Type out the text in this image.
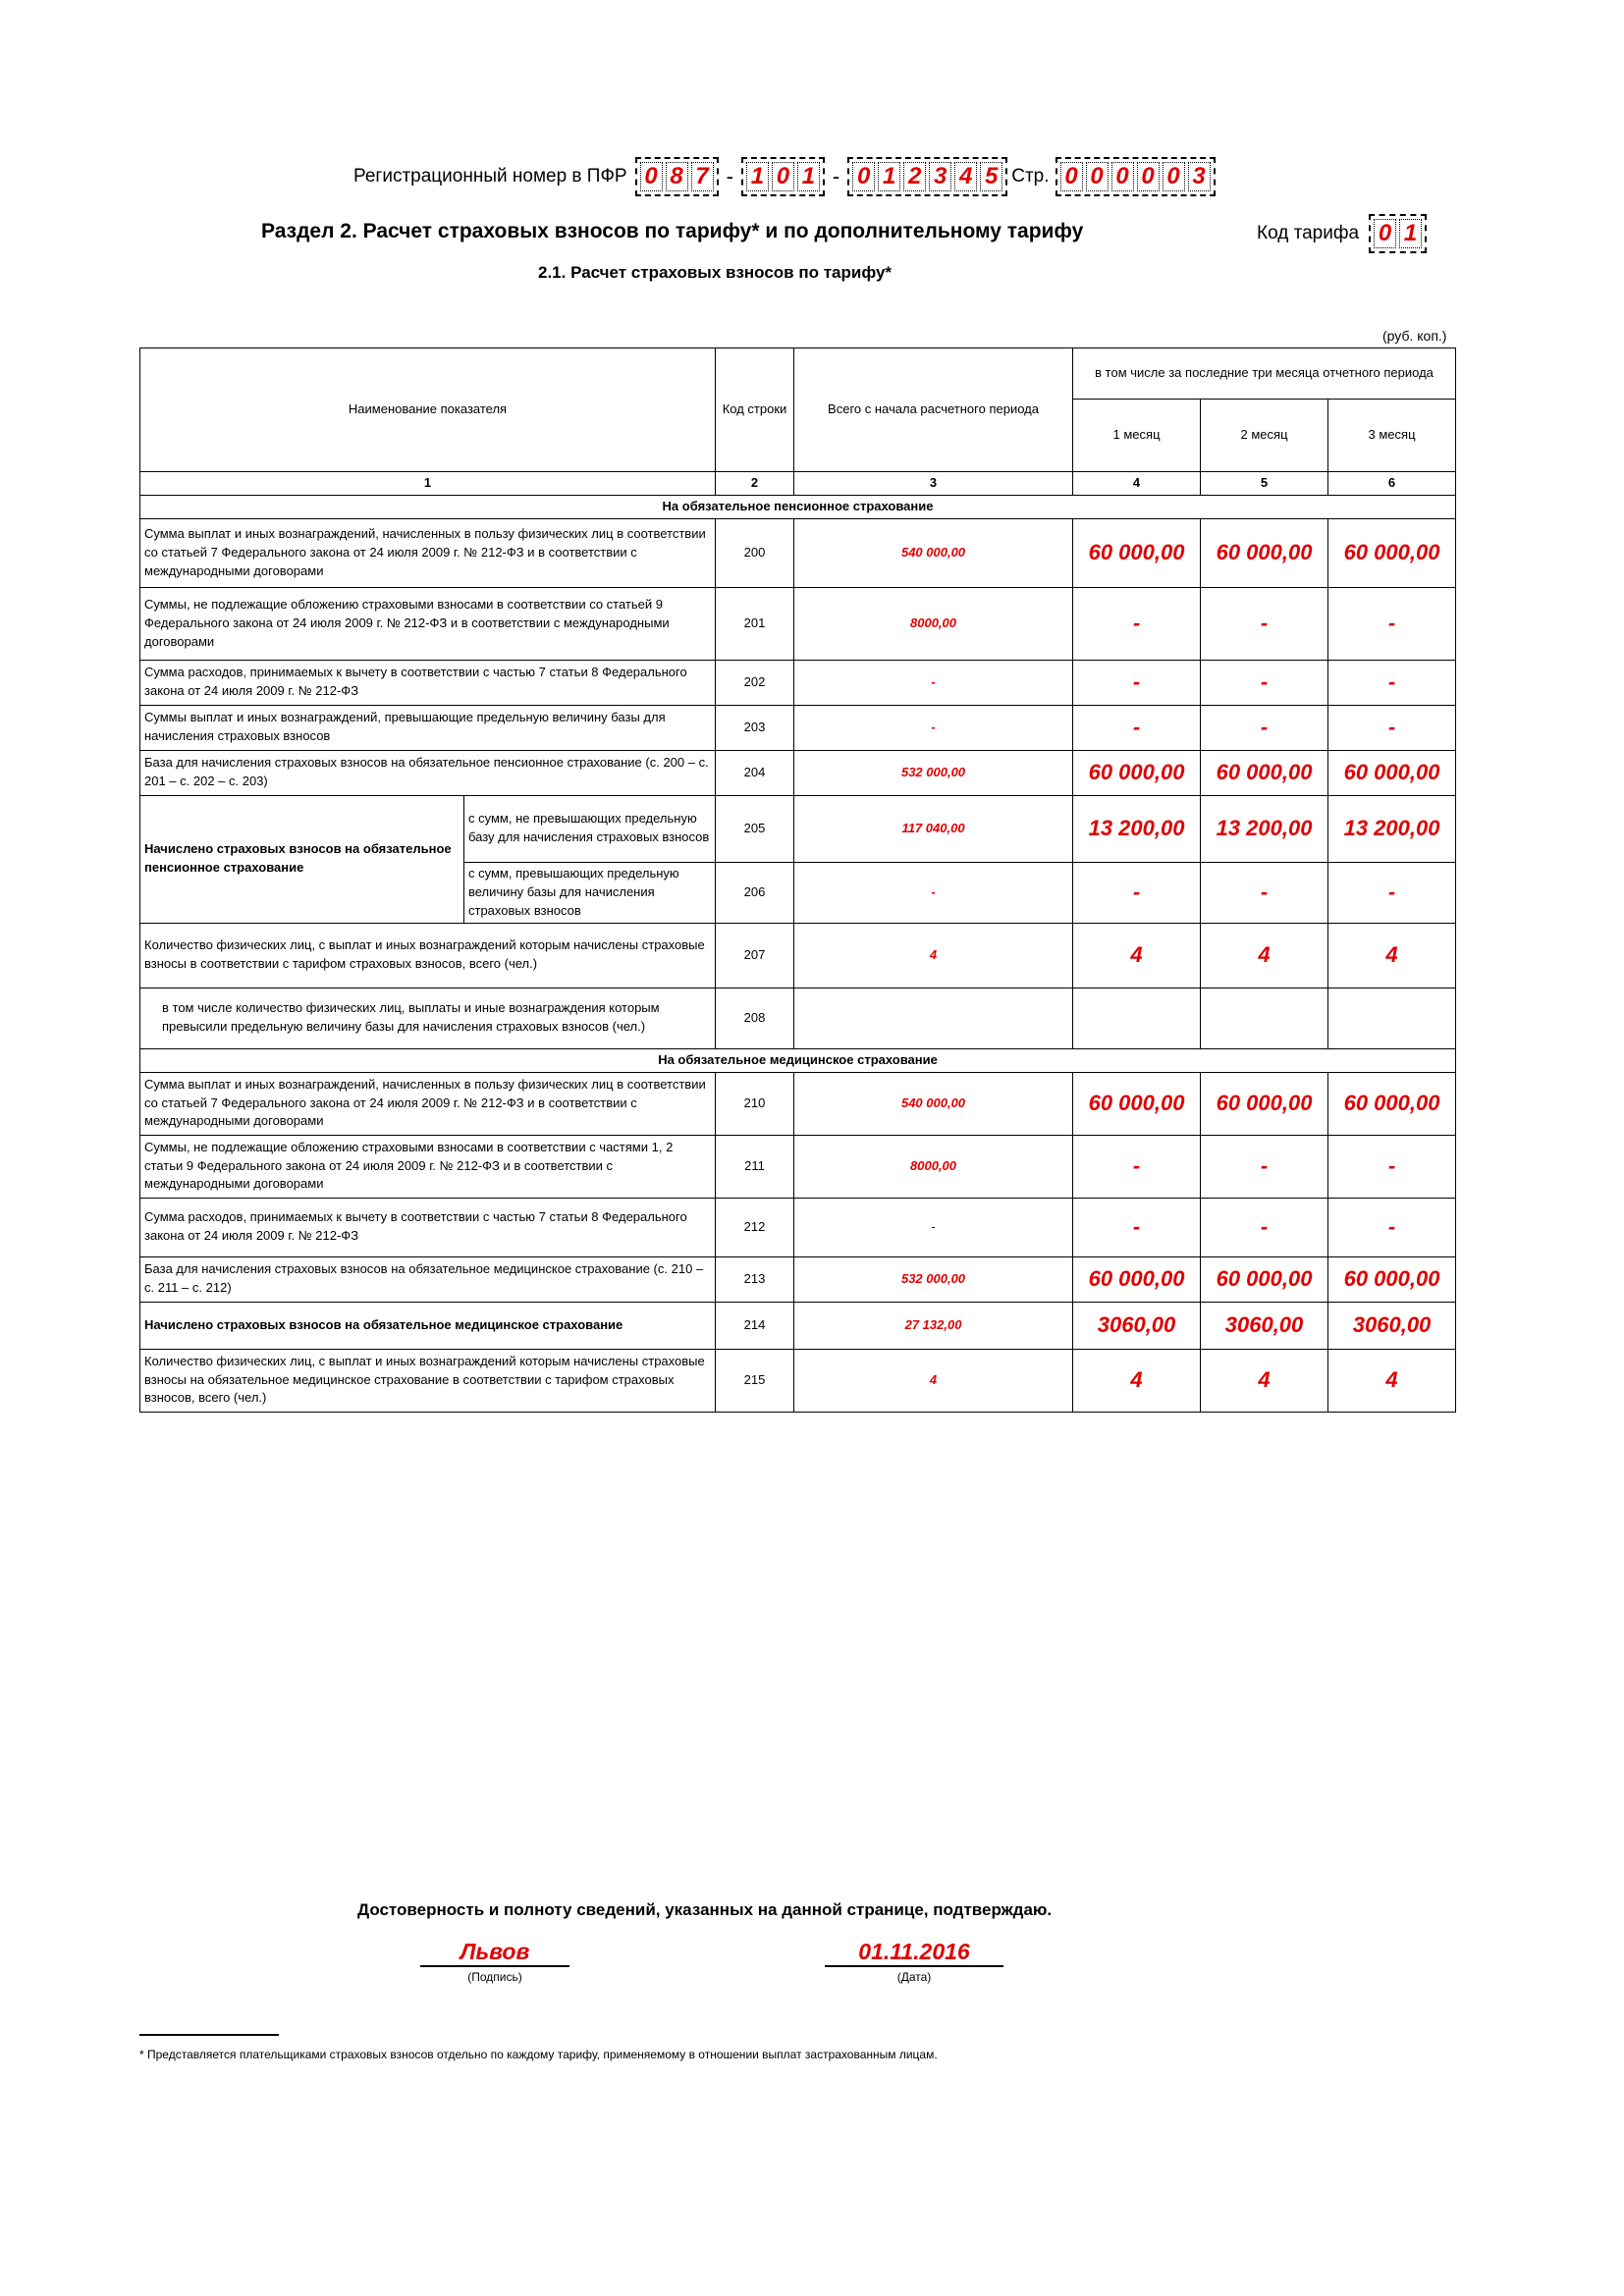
Регистрационный номер в ПФР 0 8 7 - 1 0 1 - 0 1 2 3 4 5 Стр. 0 0 0 0 0 3
Раздел 2. Расчет страховых взносов по тарифу* и по дополнительному тарифу	Код тарифа 0 1
2.1. Расчет страховых взносов по тарифу*
(руб. коп.)
Наименование показателя		Код строки	Всего с начала расчетного периода	в том числе за последние три месяца отчетного периода		
				1 месяц	2 месяц	3 месяц
1		2	3	4	5	6
На обязательное пенсионное страхование						
Сумма выплат и иных вознаграждений, начисленных в пользу физических лиц в соответствии со статьей 7 Федерального закона от 24 июля 2009 г. № 212-ФЗ и в соответствии с международными договорами		200	540 000,00	60 000,00	60 000,00	60 000,00
Суммы, не подлежащие обложению страховыми взносами в соответствии со статьей 9 Федерального закона от 24 июля 2009 г. № 212-ФЗ и в соответствии с международными договорами		201	8000,00	-	-	-
Сумма расходов, принимаемых к вычету в соответствии с частью 7 статьи 8 Федерального закона от 24 июля 2009 г. № 212-ФЗ		202	-	-	-	-
Суммы выплат и иных вознаграждений, превышающие предельную величину базы для начисления страховых взносов		203	-	-	-	-
База для начисления страховых взносов на обязательное пенсионное страхование (с. 200 – с. 201 – с. 202 – с. 203)		204	532 000,00	60 000,00	60 000,00	60 000,00
Начислено страховых взносов на обязательное пенсионное страхование	с сумм, не превышающих предельную базу для начисления страховых взносов	205	117 040,00	13 200,00	13 200,00	13 200,00
	с сумм, превышающих предельную величину базы для начисления страховых взносов	206	-	-	-	-
Количество физических лиц, с выплат и иных вознаграждений которым начислены страховые взносы в соответствии с тарифом страховых взносов, всего (чел.)		207	4	4	4	4
в том числе количество физических лиц, выплаты и иные вознаграждения которым превысили предельную величину базы для начисления страховых взносов (чел.)		208				
На обязательное медицинское страхование						
Сумма выплат и иных вознаграждений, начисленных в пользу физических лиц в соответствии со статьей 7 Федерального закона от 24 июля 2009 г. № 212-ФЗ и в соответствии с международными договорами		210	540 000,00	60 000,00	60 000,00	60 000,00
Суммы, не подлежащие обложению страховыми взносами в соответствии с частями 1, 2 статьи 9 Федерального закона от 24 июля 2009 г. № 212-ФЗ и в соответствии с международными договорами		211	8000,00	-	-	-
Сумма расходов, принимаемых к вычету в соответствии с частью 7 статьи 8 Федерального закона от 24 июля 2009 г. № 212-ФЗ		212	-	-	-	-
База для начисления страховых взносов на обязательное медицинское страхование (с. 210 – с. 211 – с. 212)		213	532 000,00	60 000,00	60 000,00	60 000,00
Начислено страховых взносов на обязательное медицинское страхование		214	27 132,00	3060,00	3060,00	3060,00
Количество физических лиц, с выплат и иных вознаграждений которым начислены страховые взносы на обязательное медицинское страхование в соответствии с тарифом страховых взносов, всего (чел.)		215	4	4	4	4
Достоверность и полноту сведений, указанных на данной странице, подтверждаю.
Львов
(Подпись)
01.11.2016
(Дата)
* Представляется плательщиками страховых взносов отдельно по каждому тарифу, применяемому в отношении выплат застрахованным лицам.
